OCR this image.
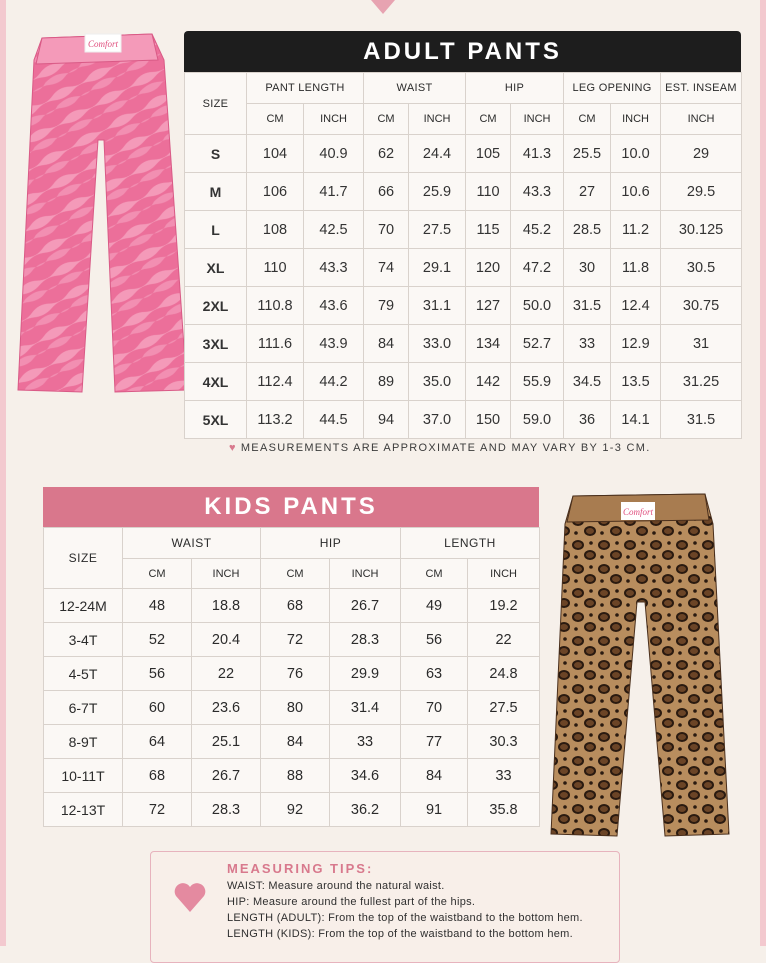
Comfort	ADULT PANTS
SIZE	PANT LENGTH		WAIST		HIP		LEG OPENING		EST. INSEAM
	CM	INCH	CM	INCH	CM	INCH	CM	INCH	INCH
S	104	40.9	62	24.4	105	41.3	25.5	10.0	29
M	106	41.7	66	25.9	110	43.3	27	10.6	29.5
L	108	42.5	70	27.5	115	45.2	28.5	11.2	30.125
XL	110	43.3	74	29.1	120	47.2	30	11.8	30.5
2XL	110.8	43.6	79	31.1	127	50.0	31.5	12.4	30.75
3XL	111.6	43.9	84	33.0	134	52.7	33	12.9	31
4XL	112.4	44.2	89	35.0	142	55.9	34.5	13.5	31.25
5XL	113.2	44.5	94	37.0	150	59.0	36	14.1	31.5
♥ MEASUREMENTS ARE APPROXIMATE AND MAY VARY BY 1-3 CM.
KIDS PANTS
SIZE	WAIST		HIP		LENGTH	
	CM	INCH	CM	INCH	CM	INCH
12-24M	48	18.8	68	26.7	49	19.2
3-4T	52	20.4	72	28.3	56	22
4-5T	56	22	76	29.9	63	24.8
6-7T	60	23.6	80	31.4	70	27.5
8-9T	64	25.1	84	33	77	30.3
10-11T	68	26.7	88	34.6	84	33
12-13T	72	28.3	92	36.2	91	35.8
Comfort
MEASURING TIPS:
WAIST: Measure around the natural waist.
HIP: Measure around the fullest part of the hips.
LENGTH (ADULT): From the top of the waistband to the bottom hem.
LENGTH (KIDS): From the top of the waistband to the bottom hem.
